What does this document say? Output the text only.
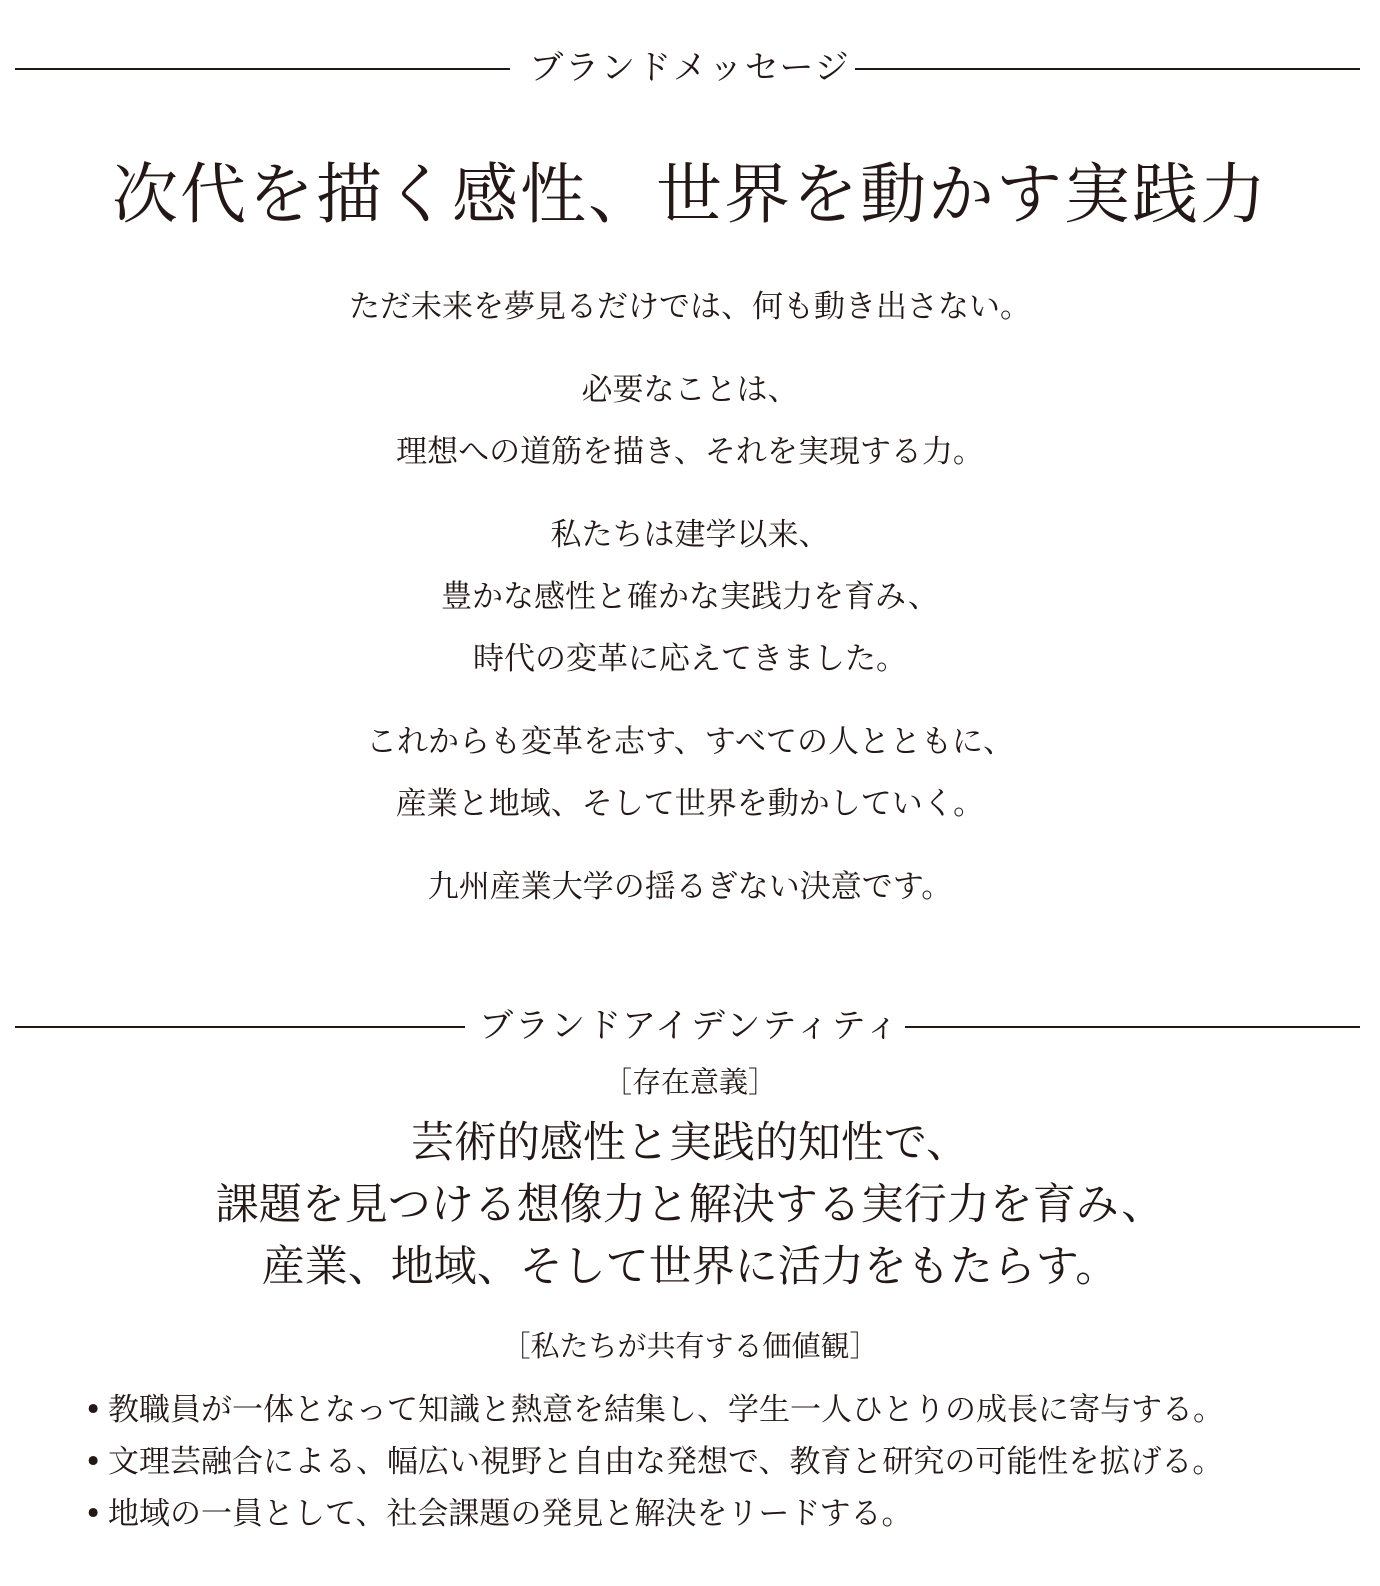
ブランドメッセージ
次代を描く感性、世界を動かす実践力

ただ未来を夢見るだけでは、何も動き出さない。

必要なことは、

理想への道筋を描き、それを実現する力。

私たちは建学以来、

豊かな感性と確かな実践力を育み、

時代の変革に応えてきました。

これからも変革を志す、すべての人とともに、

産業と地域、そして世界を動かしていく。

九州産業大学の揺るぎない決意です。

ブランドアイデンティティ
［存在意義］

芸術的感性と実践的知性で、

課題を見つける想像力と解決する実行力を育み、

産業、地域、そして世界に活力をもたらす。

［私たちが共有する価値観］
• 教職員が一体となって知識と熱意を結集し、学生一人ひとりの成長に寄与する。
• 文理芸融合による、幅広い視野と自由な発想で、教育と研究の可能性を拡げる。
• 地域の一員として、社会課題の発見と解決をリードする。
